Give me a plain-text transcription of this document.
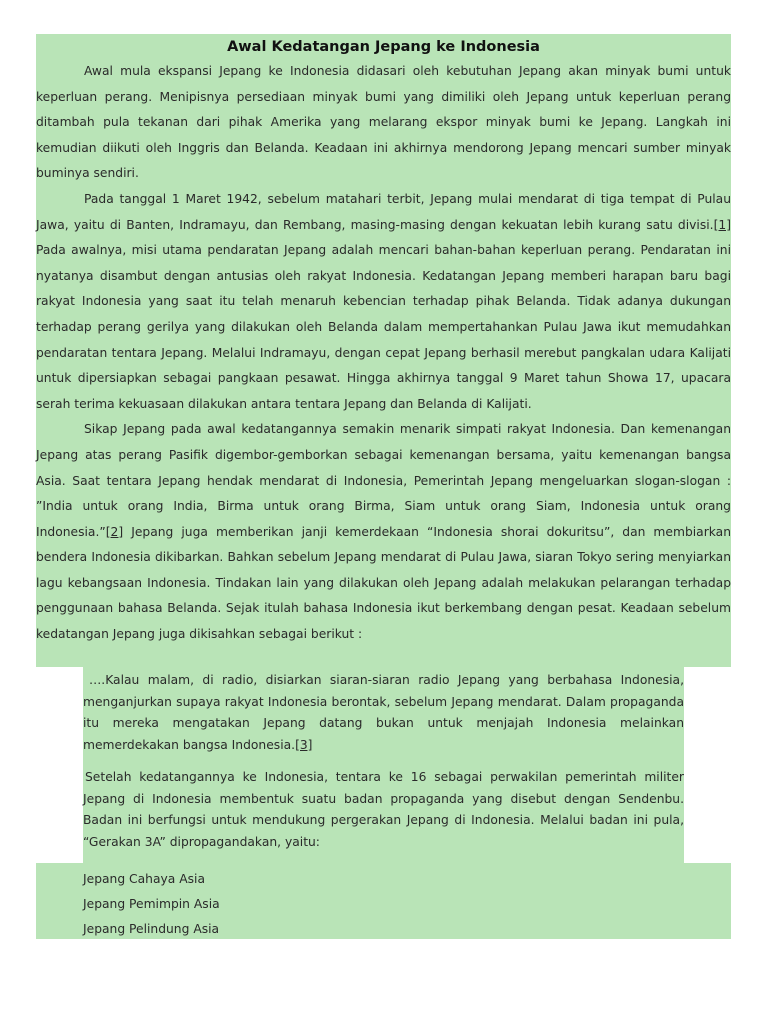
Awal Kedatangan Jepang ke Indonesia

Awal mula ekspansi Jepang ke Indonesia didasari oleh kebutuhan Jepang akan minyak bumi untuk keperluan perang. Menipisnya persediaan minyak bumi yang dimiliki oleh Jepang untuk keperluan perang ditambah pula tekanan dari pihak Amerika yang melarang ekspor minyak bumi ke Jepang. Langkah ini kemudian diikuti oleh Inggris dan Belanda. Keadaan ini akhirnya mendorong Jepang mencari sumber minyak buminya sendiri.

Pada tanggal 1 Maret 1942, sebelum matahari terbit, Jepang mulai mendarat di tiga tempat di Pulau Jawa, yaitu di Banten, Indramayu, dan Rembang, masing-masing dengan kekuatan lebih kurang satu divisi.[1] Pada awalnya, misi utama pendaratan Jepang adalah mencari bahan-bahan keperluan perang. Pendaratan ini nyatanya disambut dengan antusias oleh rakyat Indonesia. Kedatangan Jepang memberi harapan baru bagi rakyat Indonesia yang saat itu telah menaruh kebencian terhadap pihak Belanda. Tidak adanya dukungan terhadap perang gerilya yang dilakukan oleh Belanda dalam mempertahankan Pulau Jawa ikut memudahkan pendaratan tentara Jepang. Melalui Indramayu, dengan cepat Jepang berhasil merebut pangkalan udara Kalijati untuk dipersiapkan sebagai pangkaan pesawat. Hingga akhirnya tanggal 9 Maret tahun Showa 17, upacara serah terima kekuasaan dilakukan antara tentara Jepang dan Belanda di Kalijati.

Sikap Jepang pada awal kedatangannya semakin menarik simpati rakyat Indonesia. Dan kemenangan Jepang atas perang Pasifik digembor-gemborkan sebagai kemenangan bersama, yaitu kemenangan bangsa Asia. Saat tentara Jepang hendak mendarat di Indonesia, Pemerintah Jepang mengeluarkan slogan-slogan : ”India untuk orang India, Birma untuk orang Birma, Siam untuk orang Siam, Indonesia untuk orang Indonesia.”[2] Jepang juga memberikan janji kemerdekaan “Indonesia shorai dokuritsu”, dan membiarkan bendera Indonesia dikibarkan. Bahkan sebelum Jepang mendarat di Pulau Jawa, siaran Tokyo sering menyiarkan lagu kebangsaan Indonesia. Tindakan lain yang dilakukan oleh Jepang adalah melakukan pelarangan terhadap penggunaan bahasa Belanda. Sejak itulah bahasa Indonesia ikut berkembang dengan pesat. Keadaan sebelum kedatangan Jepang juga dikisahkan sebagai berikut :

….Kalau malam, di radio, disiarkan siaran-siaran radio Jepang yang berbahasa Indonesia, menganjurkan supaya rakyat Indonesia berontak, sebelum Jepang mendarat. Dalam propaganda itu mereka mengatakan Jepang datang bukan untuk menjajah Indonesia melainkan memerdekakan bangsa Indonesia.[3]

Setelah kedatangannya ke Indonesia, tentara ke 16 sebagai perwakilan pemerintah militer Jepang di Indonesia membentuk suatu badan propaganda yang disebut dengan Sendenbu. Badan ini berfungsi untuk mendukung pergerakan Jepang di Indonesia. Melalui badan ini pula, “Gerakan 3A” dipropagandakan, yaitu:

Jepang Cahaya Asia
Jepang Pemimpin Asia
Jepang Pelindung Asia
